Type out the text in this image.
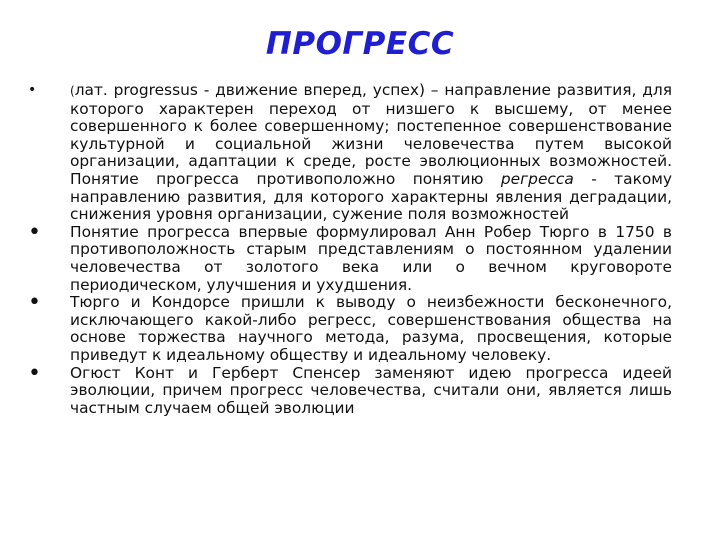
ПРОГРЕСС
•	(лат. progressus - движение вперед, успех) – направление развития, для которого характерен переход от низшего к высшему, от менее совершенного к более совершенному; постепенное совершенствование культурной и социальной жизни человечества путем высокой организации, адаптации к среде, росте эволюционных возможностей. Понятие прогресса противоположно понятию регресса - такому направлению развития, для которого характерны явления деградации, снижения уровня организации, сужение поля возможностей
• Понятие прогресса впервые формулировал Анн Робер Тюрго в 1750 в противоположность старым представлениям о постоянном удалении человечества от золотого века или о вечном круговороте периодическом, улучшения и ухудшения.
• Тюрго и Кондорсе пришли к выводу о неизбежности бесконечного, исключающего какой-либо регресс, совершенствования общества на основе торжества научного метода, разума, просвещения, которые приведут к идеальному обществу и идеальному человеку.
• Огюст Конт и Герберт Спенсер заменяют идею прогресса идеей эволюции, причем прогресс человечества, считали они, является лишь частным случаем общей эволюции
